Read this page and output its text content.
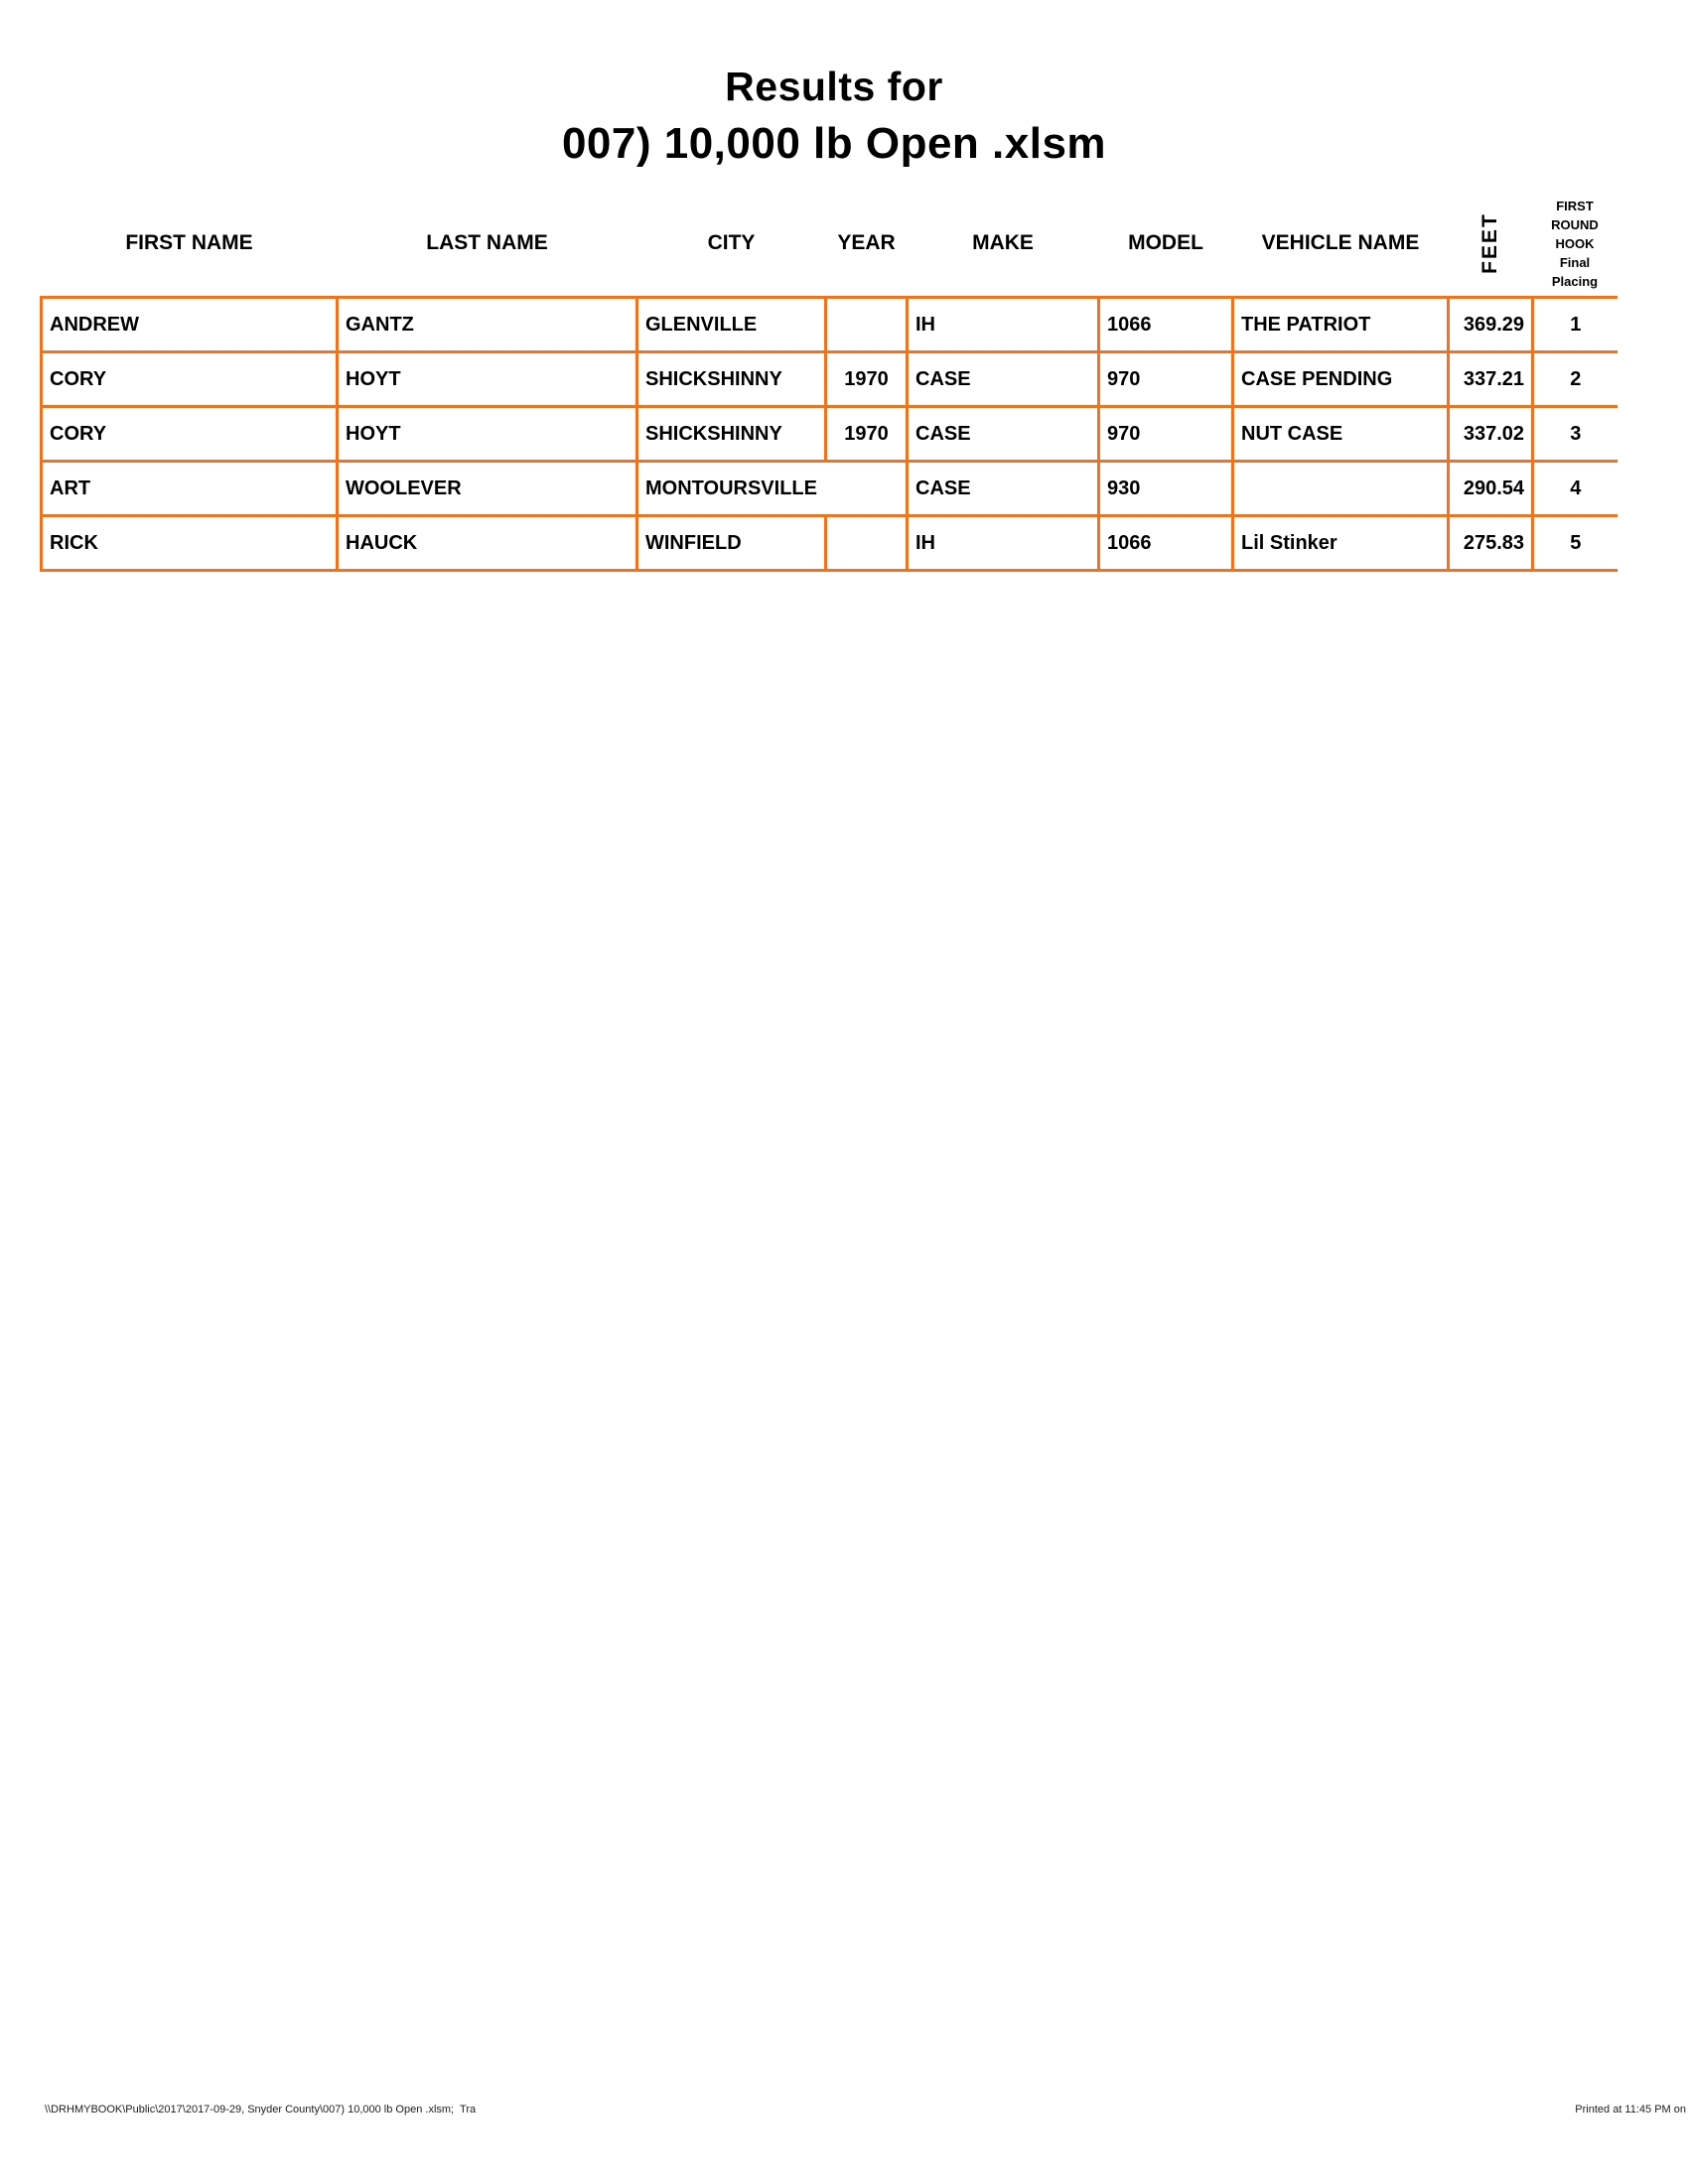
Results for
007) 10,000 lb Open .xlsm
FIRST NAME	LAST NAME	CITY	YEAR	MAKE	MODEL	VEHICLE NAME	FEET	FIRST
ROUND
HOOK
Final
Placing

ANDREW	GANTZ	GLENVILLE		IH	1066	THE PATRIOT	369.29	1
CORY	HOYT	SHICKSHINNY	1970	CASE	970	CASE PENDING	337.21	2
CORY	HOYT	SHICKSHINNY	1970	CASE	970	NUT CASE	337.02	3
ART	WOOLEVER	MONTOURSVILLE		CASE	930		290.54	4
RICK	HAUCK	WINFIELD		IH	1066	Lil Stinker	275.83	5
\\DRHMYBOOK\Public\2017\2017-09-29, Snyder County\007) 10,000 lb Open .xlsm;  Tra	Printed at 11:45 PM on
